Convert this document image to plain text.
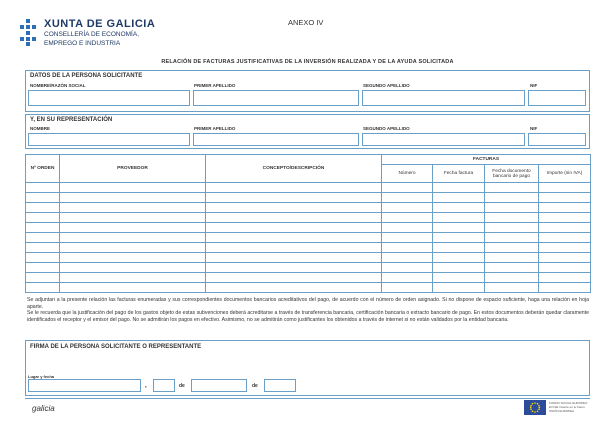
XUNTA DE GALICIA
CONSELLERÍA DE ECONOMÍA,
EMPREGO E INDUSTRIA
ANEXO IV
RELACIÓN DE FACTURAS JUSTIFICATIVAS DE LA INVERSIÓN REALIZADA Y DE LA AYUDA SOLICITADA
DATOS DE LA PERSONA SOLICITANTE
NOMBRE/RAZÓN SOCIAL	PRIMER APELLIDO	SEGUNDO APELLIDO	NIF
Y, EN SU REPRESENTACIÓN
NOMBRE	PRIMER APELLIDO	SEGUNDO APELLIDO	NIF
Nº ORDEN	PROVEEDOR	CONCEPTO/DESCRIPCIÓN	FACTURAS			
			Número	Fecha factura	Fecha documento bancario de pago	Importe (sin IVA)

Se adjuntan a la presente relación las facturas enumeradas y sus correspondientes documentos bancarios acreditativos del pago, de acuerdo con el número de orden asignado. Si no dispone de espacio suficiente, haga una relación en hoja aparte.
Se le recuerda que la justificación del pago de los gastos objeto de estas subvenciones deberá acreditarse a través de transferencia bancaria, certificación bancaria o extracto bancario de pago. En estos documentos deberán quedar claramente identificados el receptor y el emisor del pago. No se admitirán los pagos en efectivo. Asimismo, no se admitirán como justificantes los obtenidos a través de internet si no están validados por la entidad bancaria.
FIRMA DE LA PERSONA SOLICITANTE O REPRESENTANTE
Lugar y fecha
,	de	de
galicia
FONDO SOCIAL EUROPEO
El FSE invierte en tu futuro
UNIÓN EUROPEA
